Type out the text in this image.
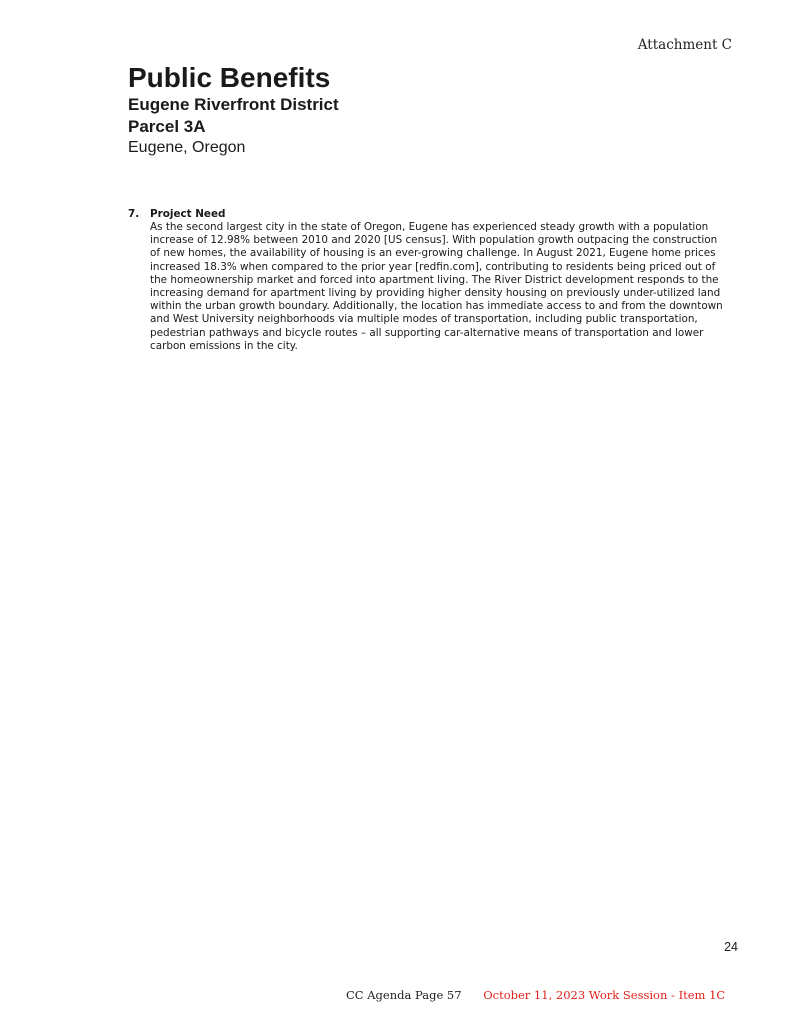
Attachment C
Public Benefits
Eugene Riverfront District
Parcel 3A
Eugene, Oregon
7.	Project Need
As the second largest city in the state of Oregon, Eugene has experienced steady growth with a population increase of 12.98% between 2010 and 2020 [US census]. With population growth outpacing the construction of new homes, the availability of housing is an ever-growing challenge. In August 2021, Eugene home prices increased 18.3% when compared to the prior year [redfin.com], contributing to residents being priced out of the homeownership market and forced into apartment living. The River District development responds to the increasing demand for apartment living by providing higher density housing on previously under-utilized land within the urban growth boundary. Additionally, the location has immediate access to and from the downtown and West University neighborhoods via multiple modes of transportation, including public transportation, pedestrian pathways and bicycle routes – all supporting car-alternative means of transportation and lower carbon emissions in the city.
24
CC Agenda Page 57 October 11, 2023 Work Session - Item 1C
